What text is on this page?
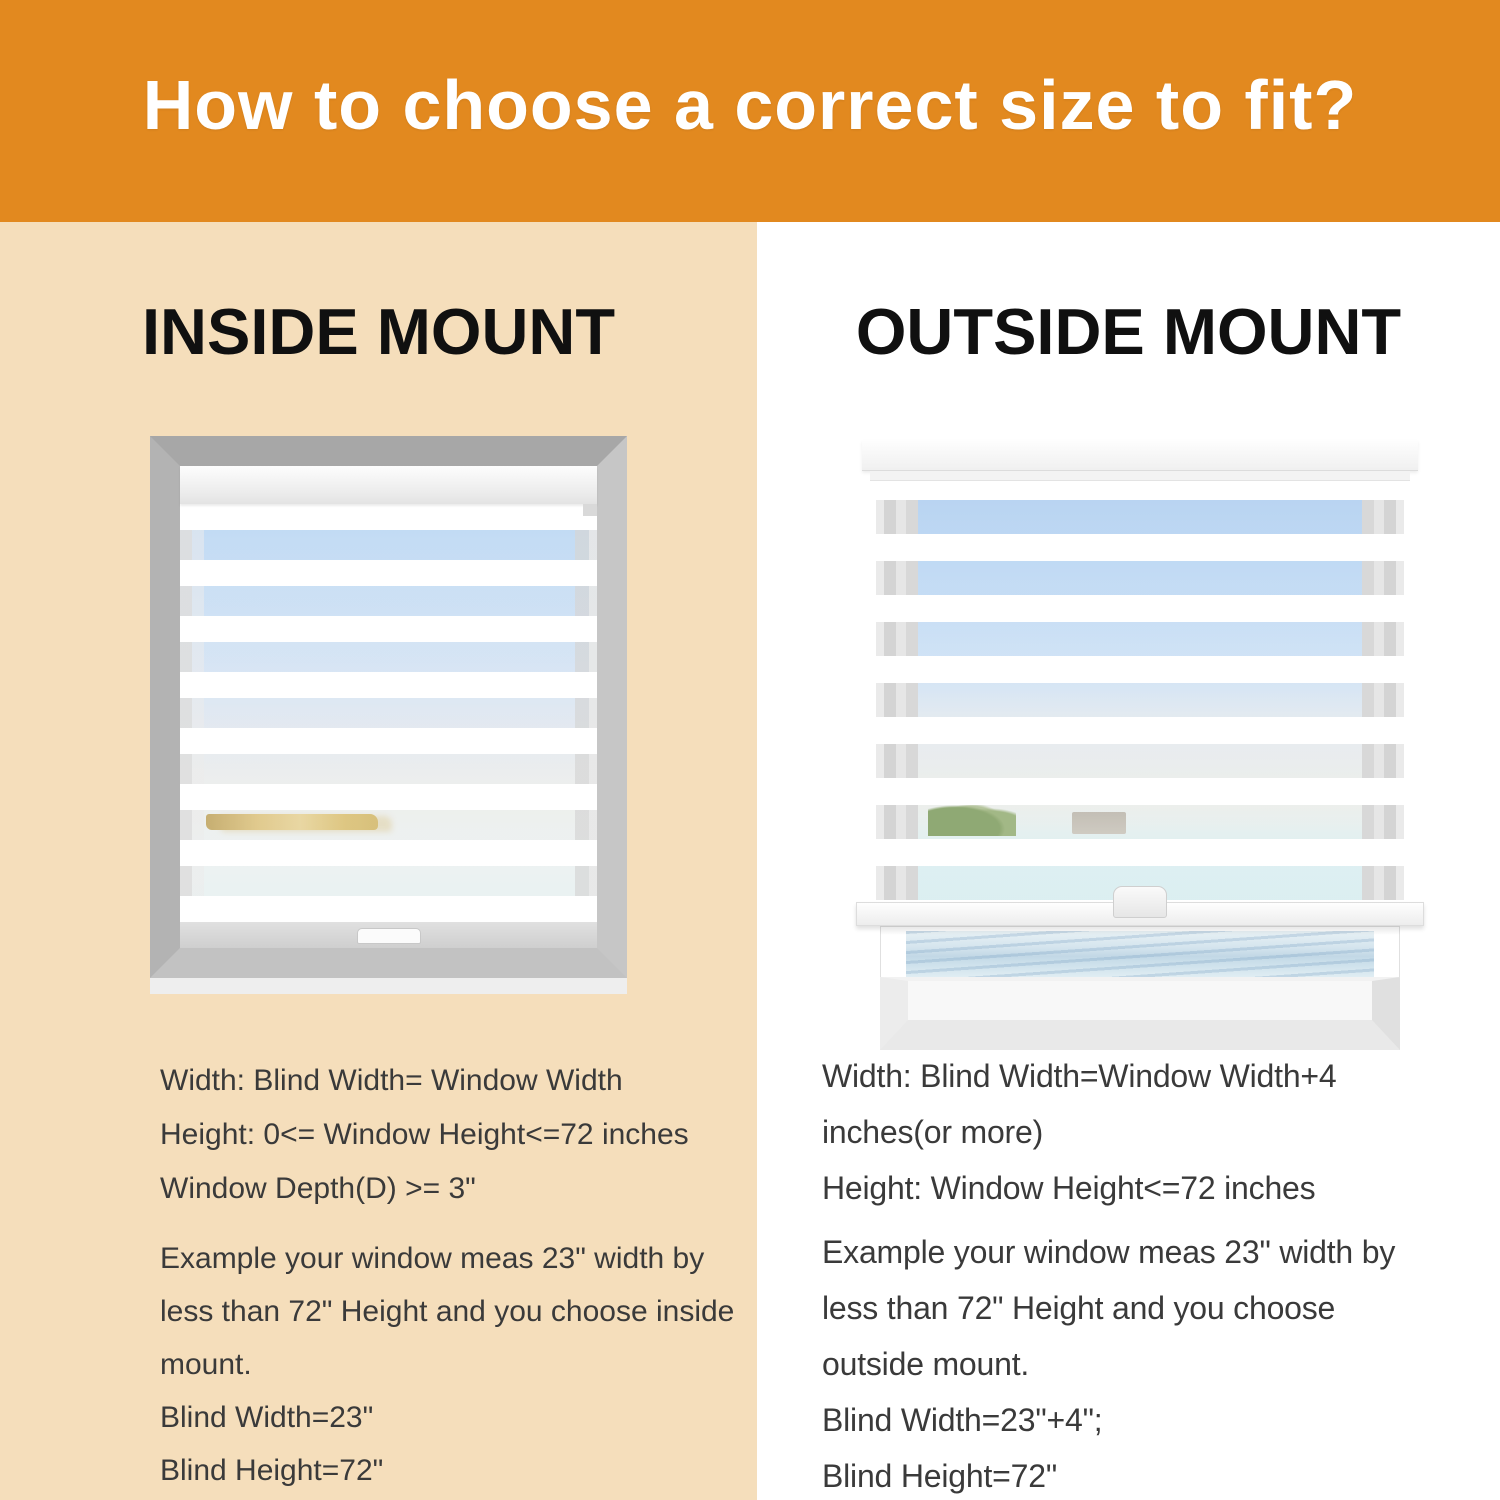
How to choose a correct size to fit?
INSIDE MOUNT
Width: Blind Width= Window Width
Height: 0<= Window Height<=72 inches
Window Depth(D) >= 3"
Example your window meas 23" width by
less than 72" Height and you choose inside
mount.
Blind Width=23"
Blind Height=72"
OUTSIDE MOUNT
Width: Blind Width=Window Width+4
inches(or more)
Height: Window Height<=72 inches
Example your window meas 23" width by
less than 72" Height and you choose
outside mount.
Blind Width=23"+4";
Blind Height=72"
